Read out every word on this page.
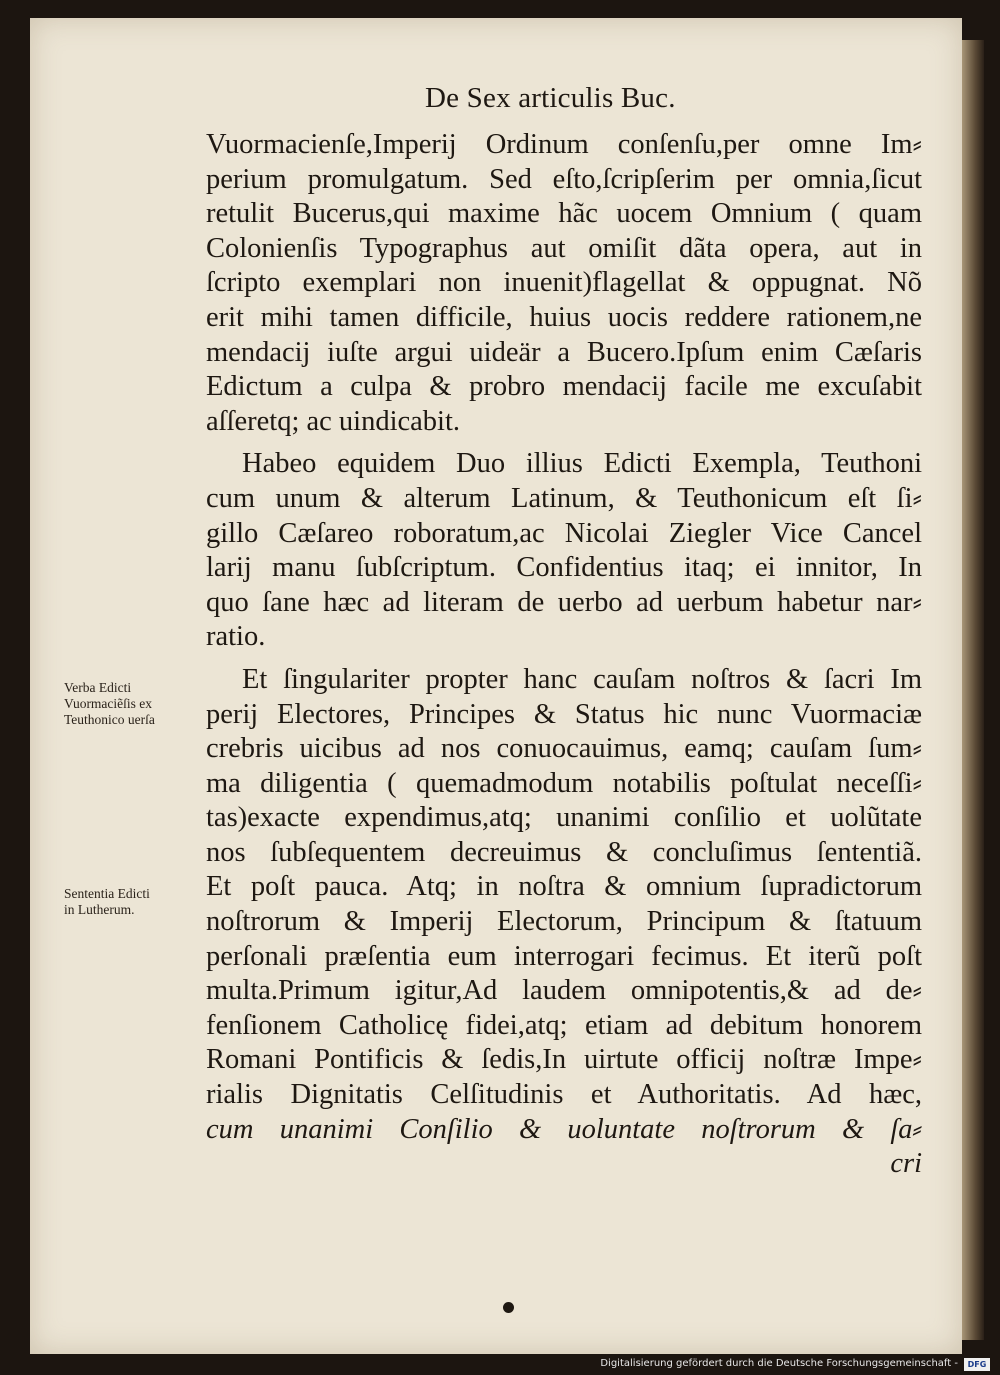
De Sex articulis Buc.
Vuormacienſe,Imperĳ Ordinum conſenſu,per omne Im⸗
perium promulgatum. Sed eſto,ſcripſerim per omnia,ſicut
retulit Bucerus,qui maxime hãc uocem Omnium ( quam
Colonienſis Typographus aut omiſit dãta opera, aut in
ſcripto exemplari non inuenit)flagellat & oppugnat. Nõ
erit mihi tamen difficile, huius uocis reddere rationem,ne
mendacĳ iuſte argui uideär a Bucero.Ipſum enim Cæſaris
Edictum a culpa & probro mendacĳ facile me excuſabit
aſſeretq; ac uindicabit.
Habeo equidem Duo illius Edicti Exempla, Teuthoni
cum unum & alterum Latinum, & Teuthonicum eſt ſi⸗
gillo Cæſareo roboratum,ac Nicolai Ziegler Vice Cancel
larĳ manu ſubſcriptum. Confidentius itaq; ei innitor, In
quo ſane hæc ad literam de uerbo ad uerbum habetur nar⸗
ratio.
Et ſingulariter propter hanc cauſam noſtros & ſacri Im
perĳ Electores, Principes & Status hic nunc Vuormaciæ
crebris uicibus ad nos conuocauimus, eamq; cauſam ſum⸗
ma diligentia ( quemadmodum notabilis poſtulat neceſſi⸗
tas)exacte expendimus,atq; unanimi conſilio et uolũtate
nos ſubſequentem decreuimus & concluſimus ſententiã.
Et poſt pauca. Atq; in noſtra & omnium ſupradictorum
noſtrorum & Imperĳ Electorum, Principum & ſtatuum
perſonali præſentia eum interrogari fecimus. Et iterũ poſt
multa.Primum igitur,Ad laudem omnipotentis,& ad de⸗
fenſionem Catholicę fidei,atq; etiam ad debitum honorem
Romani Pontificis & ſedis,In uirtute officĳ noſtræ Impe⸗
rialis Dignitatis Celſitudinis et Authoritatis. Ad hæc,
cum unanimi Conſilio & uoluntate noſtrorum & ſa⸗
cri
Verba Edicti
Vuormaciẽſis ex
Teuthonico uerſa
Sententia Edicti
in Lutherum.
Digitalisierung gefördert durch die Deutsche Forschungsgemeinschaft -	DFG
